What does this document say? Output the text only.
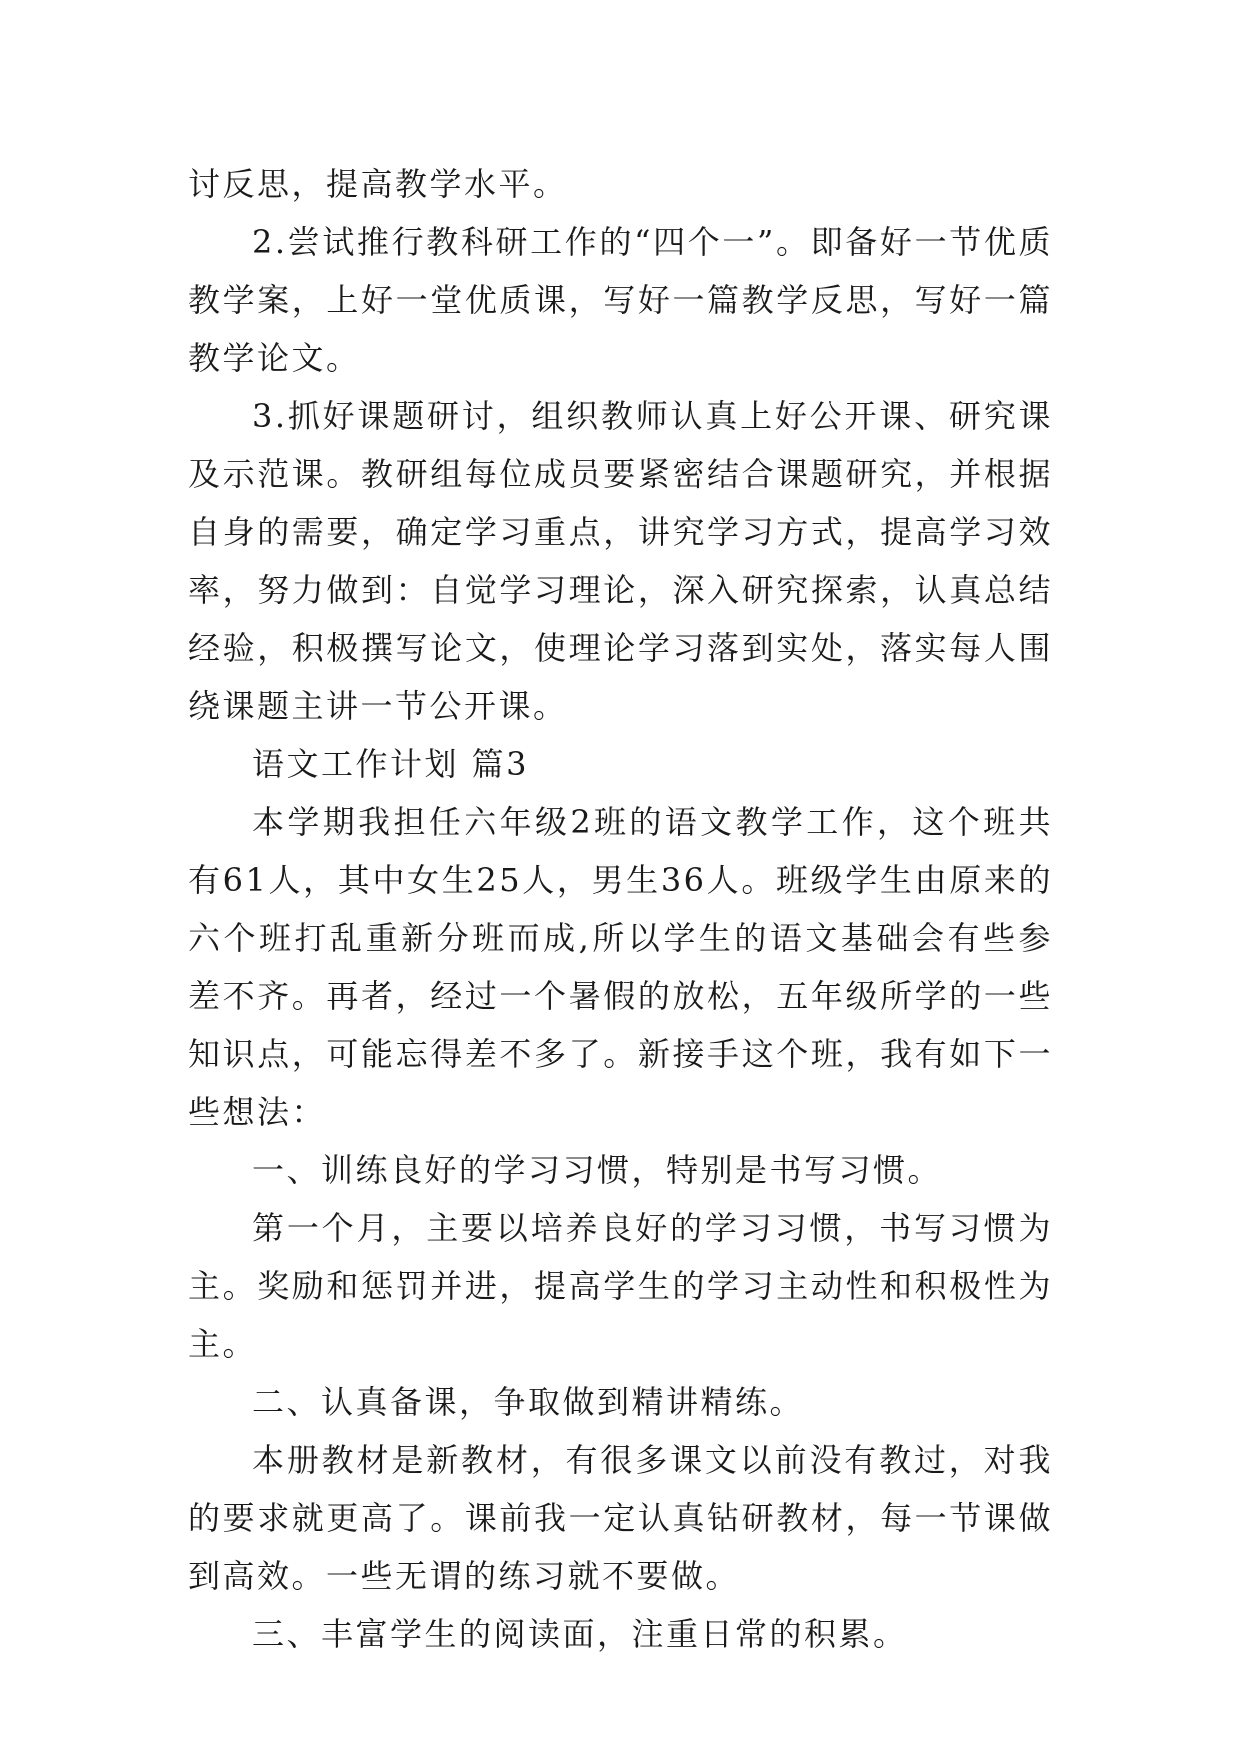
讨反思，提高教学水平。

2.尝试推行教科研工作的“四个一”。即备好一节优质教学案，上好一堂优质课，写好一篇教学反思，写好一篇教学论文。

3.抓好课题研讨，组织教师认真上好公开课、研究课及示范课。教研组每位成员要紧密结合课题研究，并根据自身的需要，确定学习重点，讲究学习方式，提高学习效率，努力做到：自觉学习理论，深入研究探索，认真总结经验，积极撰写论文，使理论学习落到实处，落实每人围绕课题主讲一节公开课。

语文工作计划 篇3

本学期我担任六年级2班的语文教学工作，这个班共有61人，其中女生25人，男生36人。班级学生由原来的六个班打乱重新分班而成,所以学生的语文基础会有些参差不齐。再者，经过一个暑假的放松，五年级所学的一些知识点，可能忘得差不多了。新接手这个班，我有如下一些想法：

一、训练良好的学习习惯，特别是书写习惯。

第一个月，主要以培养良好的学习习惯，书写习惯为主。奖励和惩罚并进，提高学生的学习主动性和积极性为主。

二、认真备课，争取做到精讲精练。

本册教材是新教材，有很多课文以前没有教过，对我的要求就更高了。课前我一定认真钻研教材，每一节课做到高效。一些无谓的练习就不要做。

三、丰富学生的阅读面，注重日常的积累。
